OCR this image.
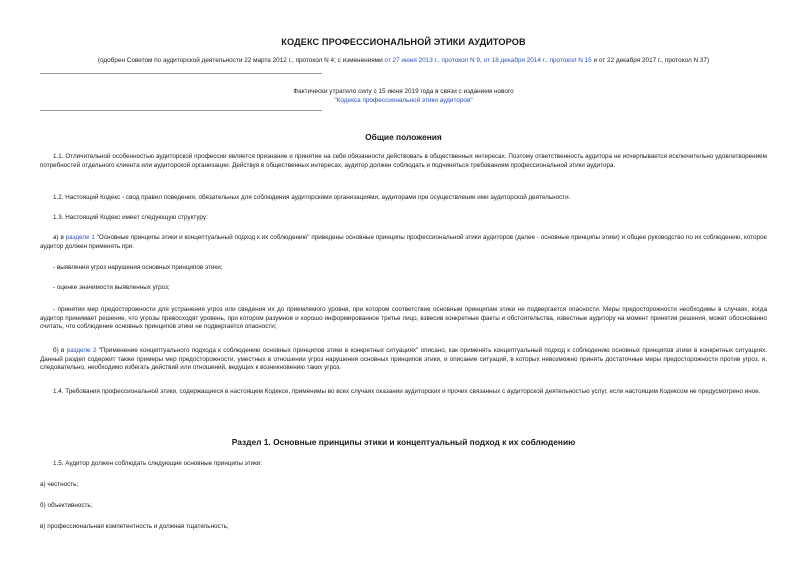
КОДЕКС ПРОФЕССИОНАЛЬНОЙ ЭТИКИ АУДИТОРОВ

(одобрен Советом по аудиторской деятельности 22 марта 2012 г., протокол N 4; с изменениями от 27 июня 2013 г., протокол N 9, от 18 декабря 2014 г., протокол N 15 и от 22 декабря 2017 г., протокол N 37)

Фактически утратило силу с 15 июня 2019 года в связи с изданием нового
"Кодекса профессиональной этики аудиторов"
Общие положения

1.1. Отличительной особенностью аудиторской профессии является признание и принятие на себя обязанности действовать в общественных интересах. Поэтому ответственность аудитора не исчерпывается исключительно удовлетворением потребностей отдельного клиента или аудиторской организации. Действуя в общественных интересах, аудитор должен соблюдать и подчиняться требованиям профессиональной этики аудитора.

1.2. Настоящий Кодекс - свод правил поведения, обязательных для соблюдения аудиторскими организациями, аудиторами при осуществлении ими аудиторской деятельности.

1.3. Настоящий Кодекс имеет следующую структуру:

а) в разделе 1 "Основные принципы этики и концептуальный подход к их соблюдению" приведены основные принципы профессиональной этики аудиторов (далее - основные принципы этики) и общее руководство по их соблюдению, которое аудитор должен применять при:

- выявлении угроз нарушения основных принципов этики;

- оценке значимости выявленных угроз;

- принятии мер предосторожности для устранения угроз или сведения их до приемлемого уровня, при котором соответствие основным принципам этики не подвергается опасности. Меры предосторожности необходимы в случаях, когда аудитор принимает решение, что угрозы превосходят уровень, при котором разумное и хорошо информированное третье лицо, взвесив конкретные факты и обстоятельства, известные аудитору на момент принятия решения, может обоснованно считать, что соблюдение основных принципов этики не подвергается опасности;

б) в разделе 2 "Применение концептуального подхода к соблюдению основных принципов этики в конкретных ситуациях" описано, как применять концептуальный подход к соблюдению основных принципов этики в конкретных ситуациях. Данный раздел содержит также примеры мер предосторожности, уместных в отношении угроз нарушения основных принципов этики, и описание ситуаций, в которых невозможно принять достаточные меры предосторожности против угроз, и, следовательно, необходимо избегать действий или отношений, ведущих к возникновению таких угроз.

1.4. Требования профессиональной этики, содержащиеся в настоящем Кодексе, применимы во всех случаях оказании аудиторских и прочих связанных с аудиторской деятельностью услуг, если настоящим Кодексом не предусмотрено иное.

Раздел 1. Основные принципы этики и концептуальный подход к их соблюдению

1.5. Аудитор должен соблюдать следующие основные принципы этики:

а) честность;

б) объективность;

в) профессиональная компетентность и должная тщательность;
